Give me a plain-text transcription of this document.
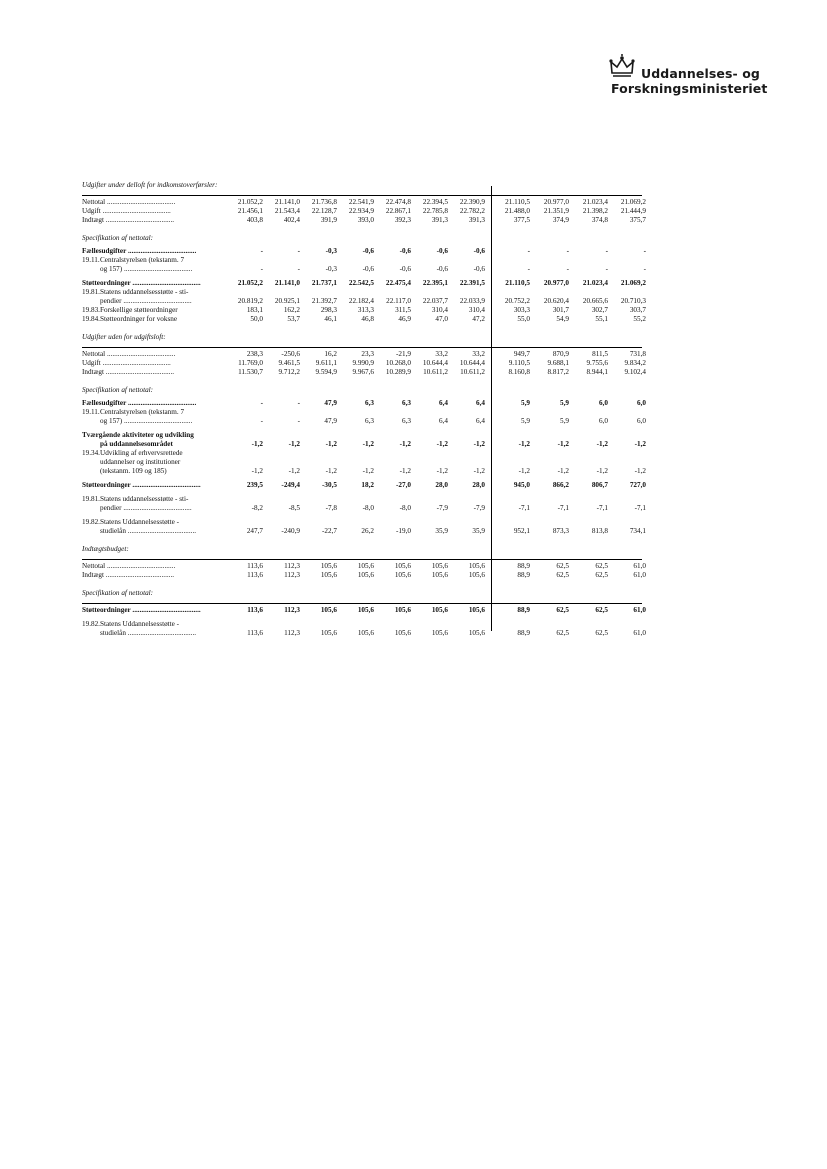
Uddannelses- og
Forskningsministeriet
Udgifter under delloft for indkomstoverførsler:
Nettotal .....	21.052,2	21.141,0	21.736,8	22.541,9	22.474,8	22.394,5	22.390,9	21.110,5	20.977,0	21.023,4	21.069,2
Udgift .....	21.456,1	21.543,4	22.128,7	22.934,9	22.867,1	22.785,8	22.782,2	21.488,0	21.351,9	21.398,2	21.444,9
Indtægt .....	403,8	402,4	391,9	393,0	392,3	391,3	391,3	377,5	374,9	374,8	375,7
Specifikation af nettotal:
Fællesudgifter .....	-	-	-0,3	-0,6	-0,6	-0,6	-0,6	-	-	-	-
19.11.Centralstyrelsen (tekstanm. 7
og 157) .....	-	-	-0,3	-0,6	-0,6	-0,6	-0,6	-	-	-	-
Støtteordninger .....	21.052,2	21.141,0	21.737,1	22.542,5	22.475,4	22.395,1	22.391,5	21.110,5	20.977,0	21.023,4	21.069,2
19.81.Statens uddannelsesstøtte - sti-
pendier .....	20.819,2	20.925,1	21.392,7	22.182,4	22.117,0	22.037,7	22.033,9	20.752,2	20.620,4	20.665,6	20.710,3
19.83.Forskellige støtteordninger	183,1	162,2	298,3	313,3	311,5	310,4	310,4	303,3	301,7	302,7	303,7
19.84.Støtteordninger for voksne	50,0	53,7	46,1	46,8	46,9	47,0	47,2	55,0	54,9	55,1	55,2
Udgifter uden for udgiftsloft:
Nettotal .....	238,3	-250,6	16,2	23,3	-21,9	33,2	33,2	949,7	870,9	811,5	731,8
Udgift .....	11.769,0	9.461,5	9.611,1	9.990,9	10.268,0	10.644,4	10.644,4	9.110,5	9.688,1	9.755,6	9.834,2
Indtægt .....	11.530,7	9.712,2	9.594,9	9.967,6	10.289,9	10.611,2	10.611,2	8.160,8	8.817,2	8.944,1	9.102,4
Specifikation af nettotal:
Fællesudgifter .....	-	-	47,9	6,3	6,3	6,4	6,4	5,9	5,9	6,0	6,0
19.11.Centralstyrelsen (tekstanm. 7
og 157) .....	-	-	47,9	6,3	6,3	6,4	6,4	5,9	5,9	6,0	6,0
Tværgående aktiviteter og udvikling
på uddannelsesområdet	-1,2	-1,2	-1,2	-1,2	-1,2	-1,2	-1,2	-1,2	-1,2	-1,2	-1,2
19.34.Udvikling af erhvervsrettede
uddannelser og institutioner
(tekstanm. 109 og 185)	-1,2	-1,2	-1,2	-1,2	-1,2	-1,2	-1,2	-1,2	-1,2	-1,2	-1,2
Støtteordninger .....	239,5	-249,4	-30,5	18,2	-27,0	28,0	28,0	945,0	866,2	806,7	727,0
19.81.Statens uddannelsesstøtte - sti-
pendier .....	-8,2	-8,5	-7,8	-8,0	-8,0	-7,9	-7,9	-7,1	-7,1	-7,1	-7,1
19.82.Statens Uddannelsesstøtte -
studielån .....	247,7	-240,9	-22,7	26,2	-19,0	35,9	35,9	952,1	873,3	813,8	734,1
Indtægtsbudget:
Nettotal .....	113,6	112,3	105,6	105,6	105,6	105,6	105,6	88,9	62,5	62,5	61,0
Indtægt .....	113,6	112,3	105,6	105,6	105,6	105,6	105,6	88,9	62,5	62,5	61,0
Specifikation af nettotal:
Støtteordninger .....	113,6	112,3	105,6	105,6	105,6	105,6	105,6	88,9	62,5	62,5	61,0
19.82.Statens Uddannelsesstøtte -
studielån .....	113,6	112,3	105,6	105,6	105,6	105,6	105,6	88,9	62,5	62,5	61,0
